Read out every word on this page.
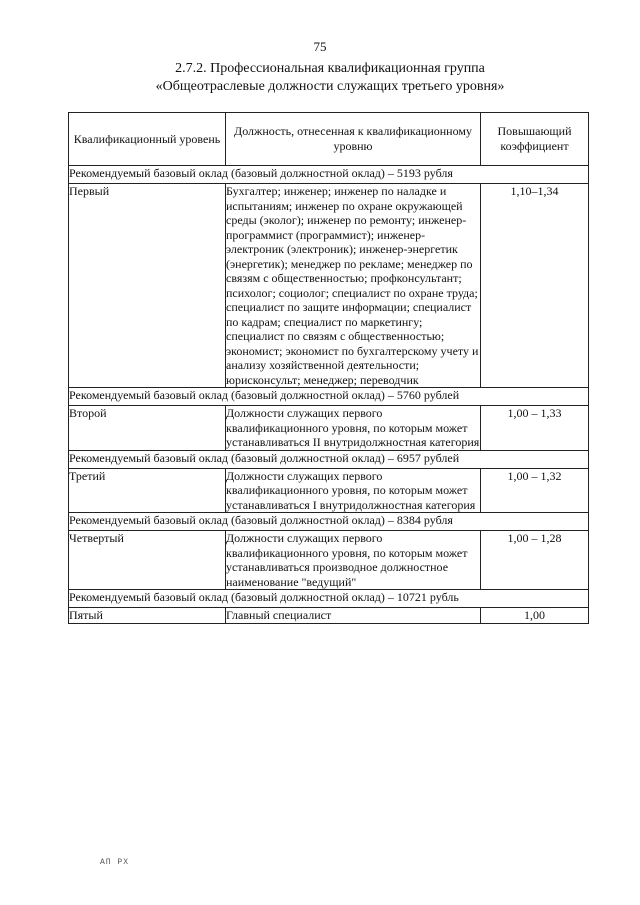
75
2.7.2. Профессиональная квалификационная группа
«Общеотраслевые должности служащих третьего уровня»
Квалификационный уровень	Должность, отнесенная к квалификационному уровню	Повышающий коэффициент
Рекомендуемый базовый оклад (базовый должностной оклад) – 5193 рубля		
Первый	Бухгалтер; инженер; инженер по наладке и испытаниям; инженер по охране окружающей среды (эколог); инженер по ремонту; инженер-программист (программист); инженер-электроник (электроник); инженер-энергетик (энергетик); менеджер по рекламе; менеджер по связям с общественностью; профконсультант; психолог; социолог; специалист по охране труда; специалист по защите информации; специалист по кадрам; специалист по маркетингу; специалист по связям с общественностью; экономист; экономист по бухгалтерскому учету и анализу хозяйственной деятельности; юрисконсульт; менеджер; переводчик	1,10–1,34
Рекомендуемый базовый оклад (базовый должностной оклад) – 5760 рублей		
Второй	Должности служащих первого квалификационного уровня, по которым может устанавливаться II внутридолжностная категория	1,00 – 1,33
Рекомендуемый базовый оклад (базовый должностной оклад) – 6957 рублей		
Третий	Должности служащих первого квалификационного уровня, по которым может устанавливаться I внутридолжностная категория	1,00 – 1,32
Рекомендуемый базовый оклад (базовый должностной оклад) – 8384 рубля		
Четвертый	Должности служащих первого квалификационного уровня, по которым может устанавливаться производное должностное наименование "ведущий"	1,00 – 1,28
Рекомендуемый базовый оклад (базовый должностной оклад) – 10721 рубль		
Пятый	Главный специалист	1,00
АП РХ
